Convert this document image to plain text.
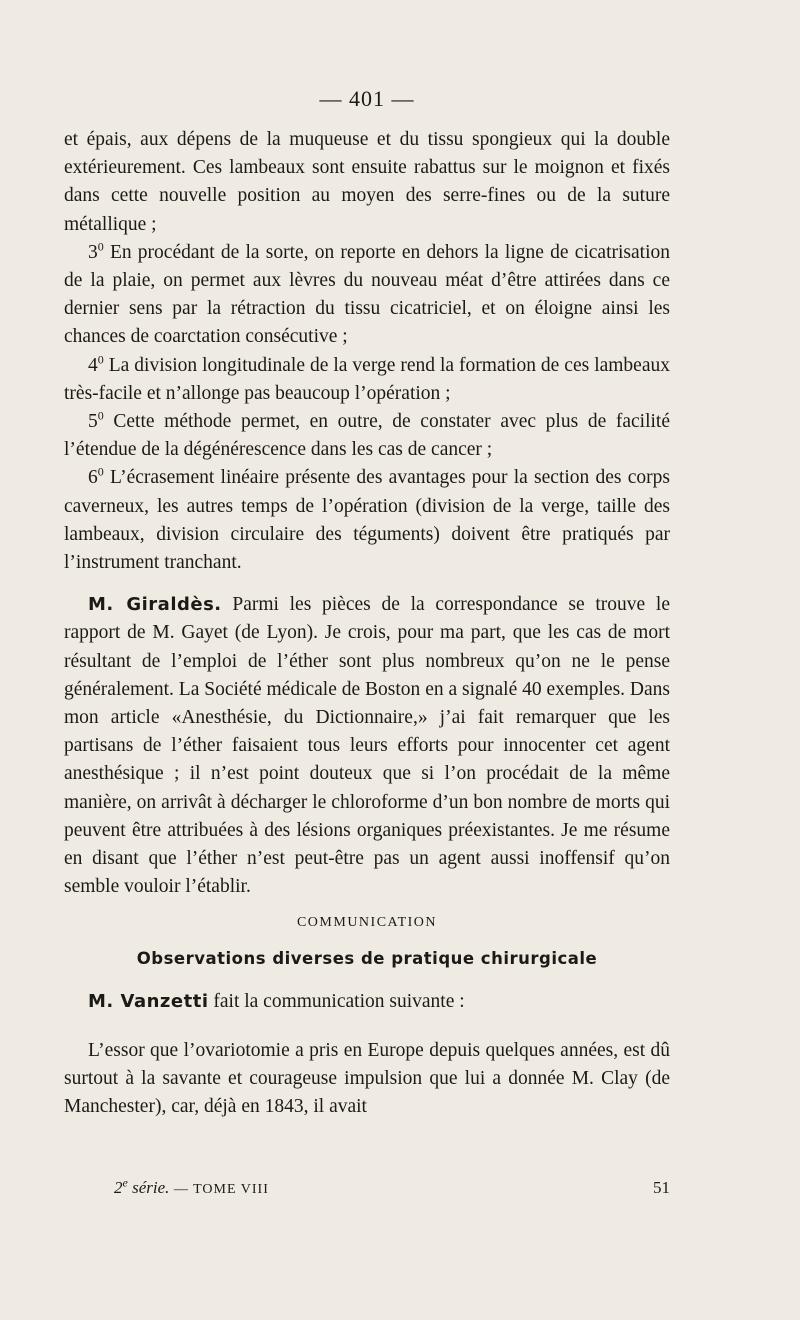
— 401 —

et épais, aux dépens de la muqueuse et du tissu spongieux qui la double extérieurement. Ces lambeaux sont ensuite rabattus sur le moignon et fixés dans cette nouvelle position au moyen des serre-fines ou de la suture métallique ;

$3^0$ En procédant de la sorte, on reporte en dehors la ligne de cicatrisation de la plaie, on permet aux lèvres du nouveau méat d’être attirées dans ce dernier sens par la rétraction du tissu cicatriciel, et on éloigne ainsi les chances de coarctation consécutive ;

$4^0$ La division longitudinale de la verge rend la formation de ces lambeaux très-facile et n’allonge pas beaucoup l’opération ;

$5^0$ Cette méthode permet, en outre, de constater avec plus de facilité l’étendue de la dégénérescence dans les cas de cancer ;

$6^0$ L’écrasement linéaire présente des avantages pour la section des corps caverneux, les autres temps de l’opération (division de la verge, taille des lambeaux, division circulaire des téguments) doivent être pratiqués par l’instrument tranchant.

M. Giraldès. Parmi les pièces de la correspondance se trouve le rapport de M. Gayet (de Lyon). Je crois, pour ma part, que les cas de mort résultant de l’emploi de l’éther sont plus nombreux qu’on ne le pense généralement. La Société médicale de Boston en a signalé 40 exemples. Dans mon article «Anesthésie, du Dictionnaire,» j’ai fait remarquer que les partisans de l’éther faisaient tous leurs efforts pour innocenter cet agent anesthésique ; il n’est point douteux que si l’on procédait de la même manière, on arrivât à décharger le chloroforme d’un bon nombre de morts qui peuvent être attribuées à des lésions organiques préexistantes. Je me résume en disant que l’éther n’est peut-être pas un agent aussi inoffensif qu’on semble vouloir l’établir.

COMMUNICATION
Observations diverses de pratique chirurgicale

M. Vanzetti fait la communication suivante :

L’essor que l’ovariotomie a pris en Europe depuis quelques années, est dû surtout à la savante et courageuse impulsion que lui a donnée M. Clay (de Manchester), car, déjà en 1843, il avait

2e série. — TOME VIII	51
